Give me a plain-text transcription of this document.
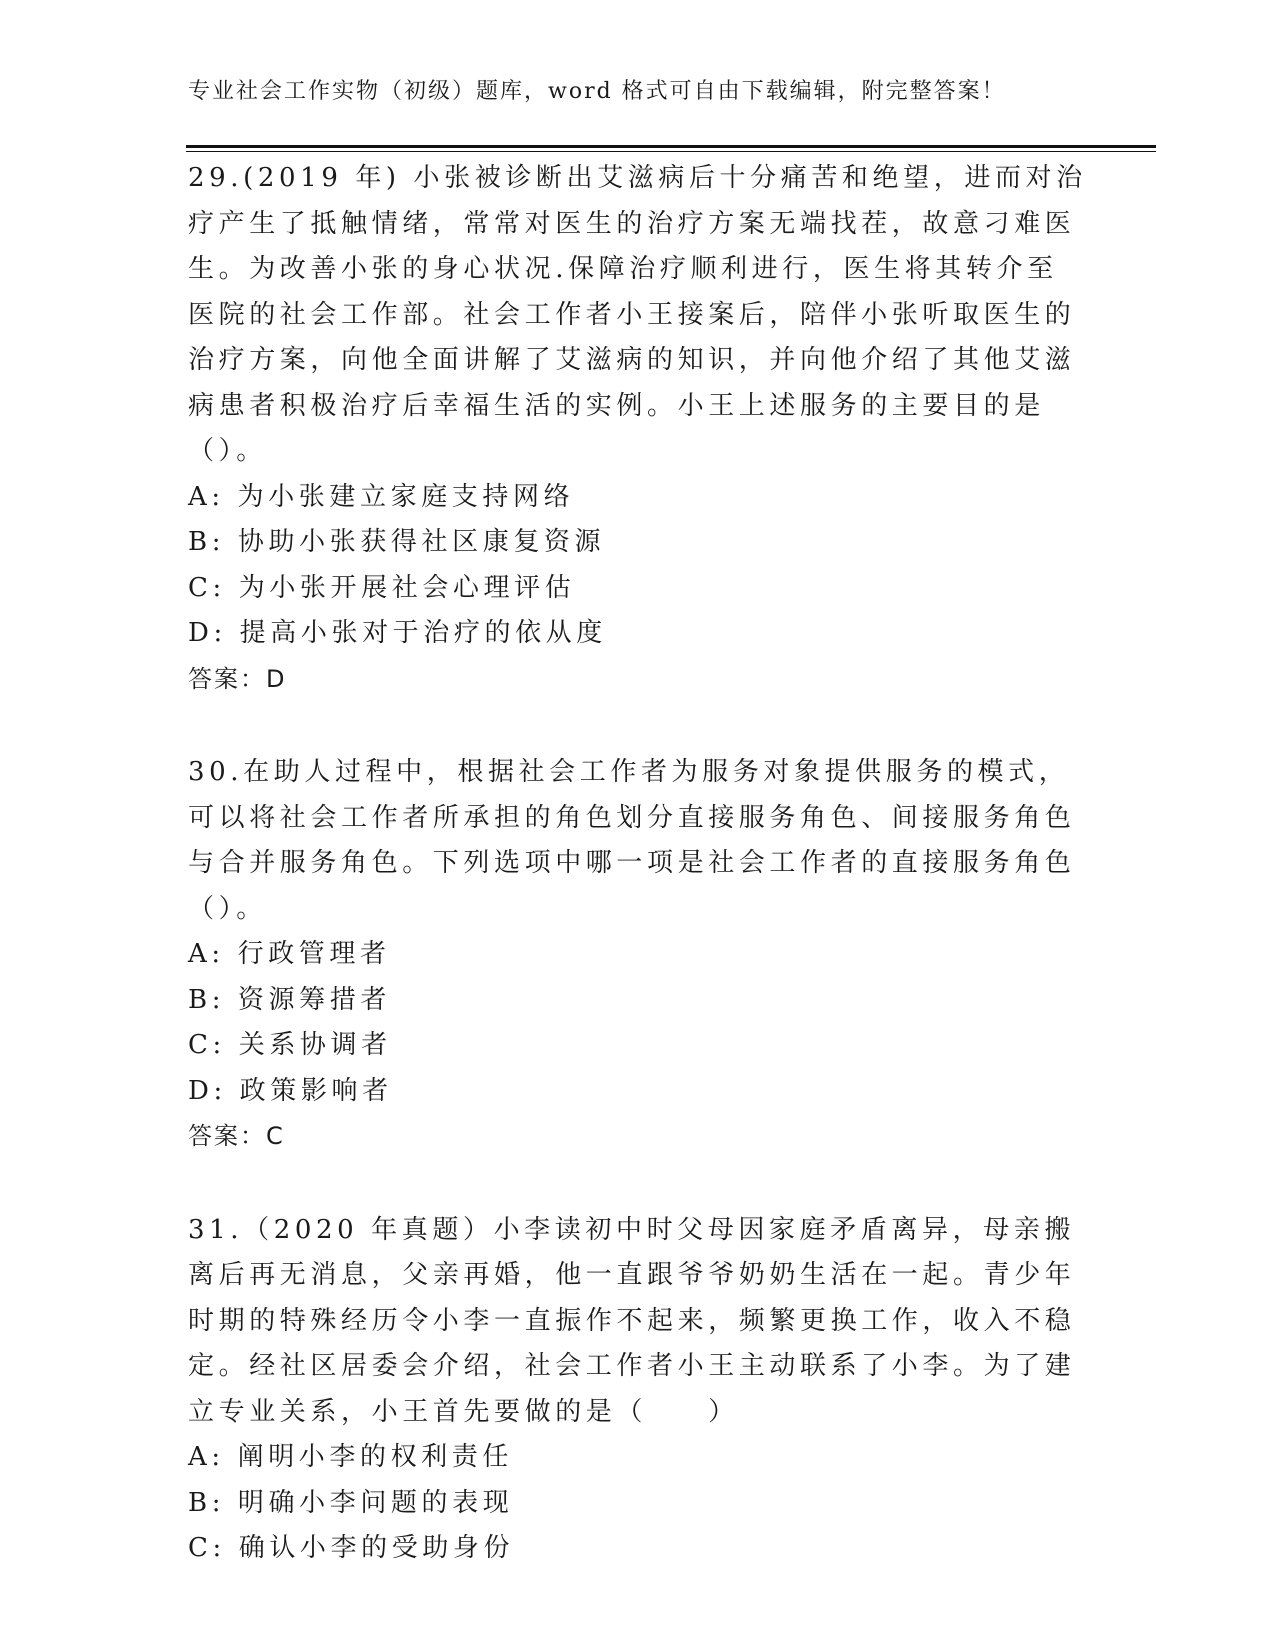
专业社会工作实物（初级）题库，word 格式可自由下载编辑，附完整答案！
29.(2019 年) 小张被诊断出艾滋病后十分痛苦和绝望，进而对治疗产生了抵触情绪，常常对医生的治疗方案无端找茬，故意刁难医生。为改善小张的身心状况.保障治疗顺利进行，医生将其转介至医院的社会工作部。社会工作者小王接案后，陪伴小张听取医生的治疗方案，向他全面讲解了艾滋病的知识，并向他介绍了其他艾滋病患者积极治疗后幸福生活的实例。小王上述服务的主要目的是（）。
A: 为小张建立家庭支持网络
B: 协助小张获得社区康复资源
C: 为小张开展社会心理评估
D: 提高小张对于治疗的依从度
答案：D
30.在助人过程中，根据社会工作者为服务对象提供服务的模式，可以将社会工作者所承担的角色划分直接服务角色、间接服务角色与合并服务角色。下列选项中哪一项是社会工作者的直接服务角色（）。
A: 行政管理者
B: 资源筹措者
C: 关系协调者
D: 政策影响者
答案：C
31.（2020 年真题）小李读初中时父母因家庭矛盾离异，母亲搬离后再无消息，父亲再婚，他一直跟爷爷奶奶生活在一起。青少年时期的特殊经历令小李一直振作不起来，频繁更换工作，收入不稳定。经社区居委会介绍，社会工作者小王主动联系了小李。为了建立专业关系，小王首先要做的是（　　）
A: 阐明小李的权利责任
B: 明确小李问题的表现
C: 确认小李的受助身份
